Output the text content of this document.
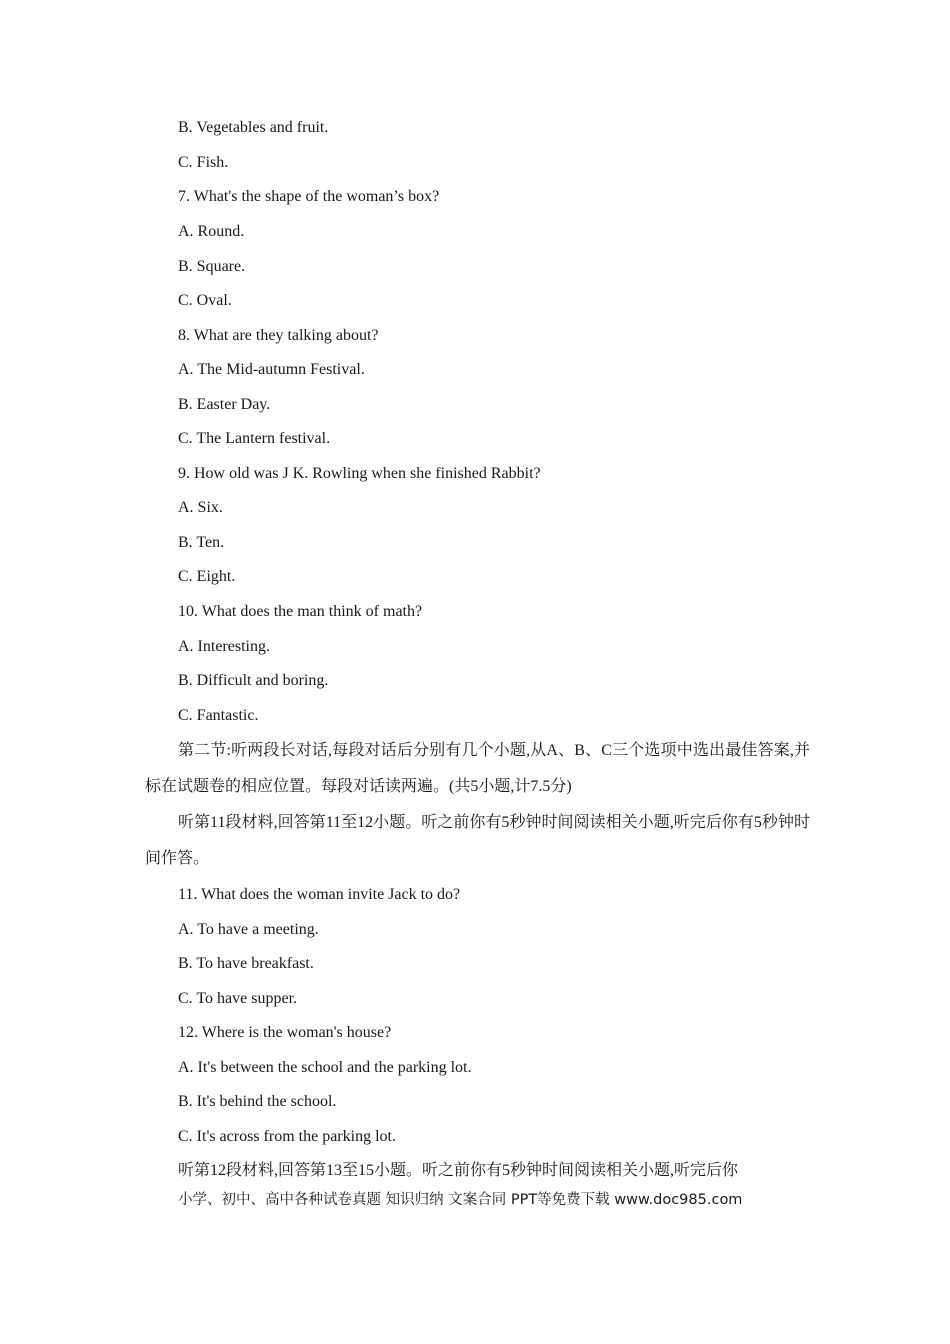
B. Vegetables and fruit.
C. Fish.
7. What's the shape of the woman’s box?
A. Round.
B. Square.
C. Oval.
8. What are they talking about?
A. The Mid-autumn Festival.
B. Easter Day.
C. The Lantern festival.
9. How old was J K. Rowling when she finished Rabbit?
A. Six.
B. Ten.
C. Eight.
10. What does the man think of math?
A. Interesting.
B. Difficult and boring.
C. Fantastic.
第二节:听两段长对话,每段对话后分别有几个小题,从A、B、C三个选项中选出最佳答案,并标在试题卷的相应位置。每段对话读两遍。(共5小题,计7.5分)
听第11段材料,回答第11至12小题。听之前你有5秒钟时间阅读相关小题,听完后你有5秒钟时间作答。
11. What does the woman invite Jack to do?
A. To have a meeting.
B. To have breakfast.
C. To have supper.
12. Where is the woman's house?
A. It's between the school and the parking lot.
B. It's behind the school.
C. It's across from the parking lot.
听第12段材料,回答第13至15小题。听之前你有5秒钟时间阅读相关小题,听完后你
小学、初中、高中各种试卷真题 知识归纳 文案合同 PPT等免费下载 www.doc985.com
